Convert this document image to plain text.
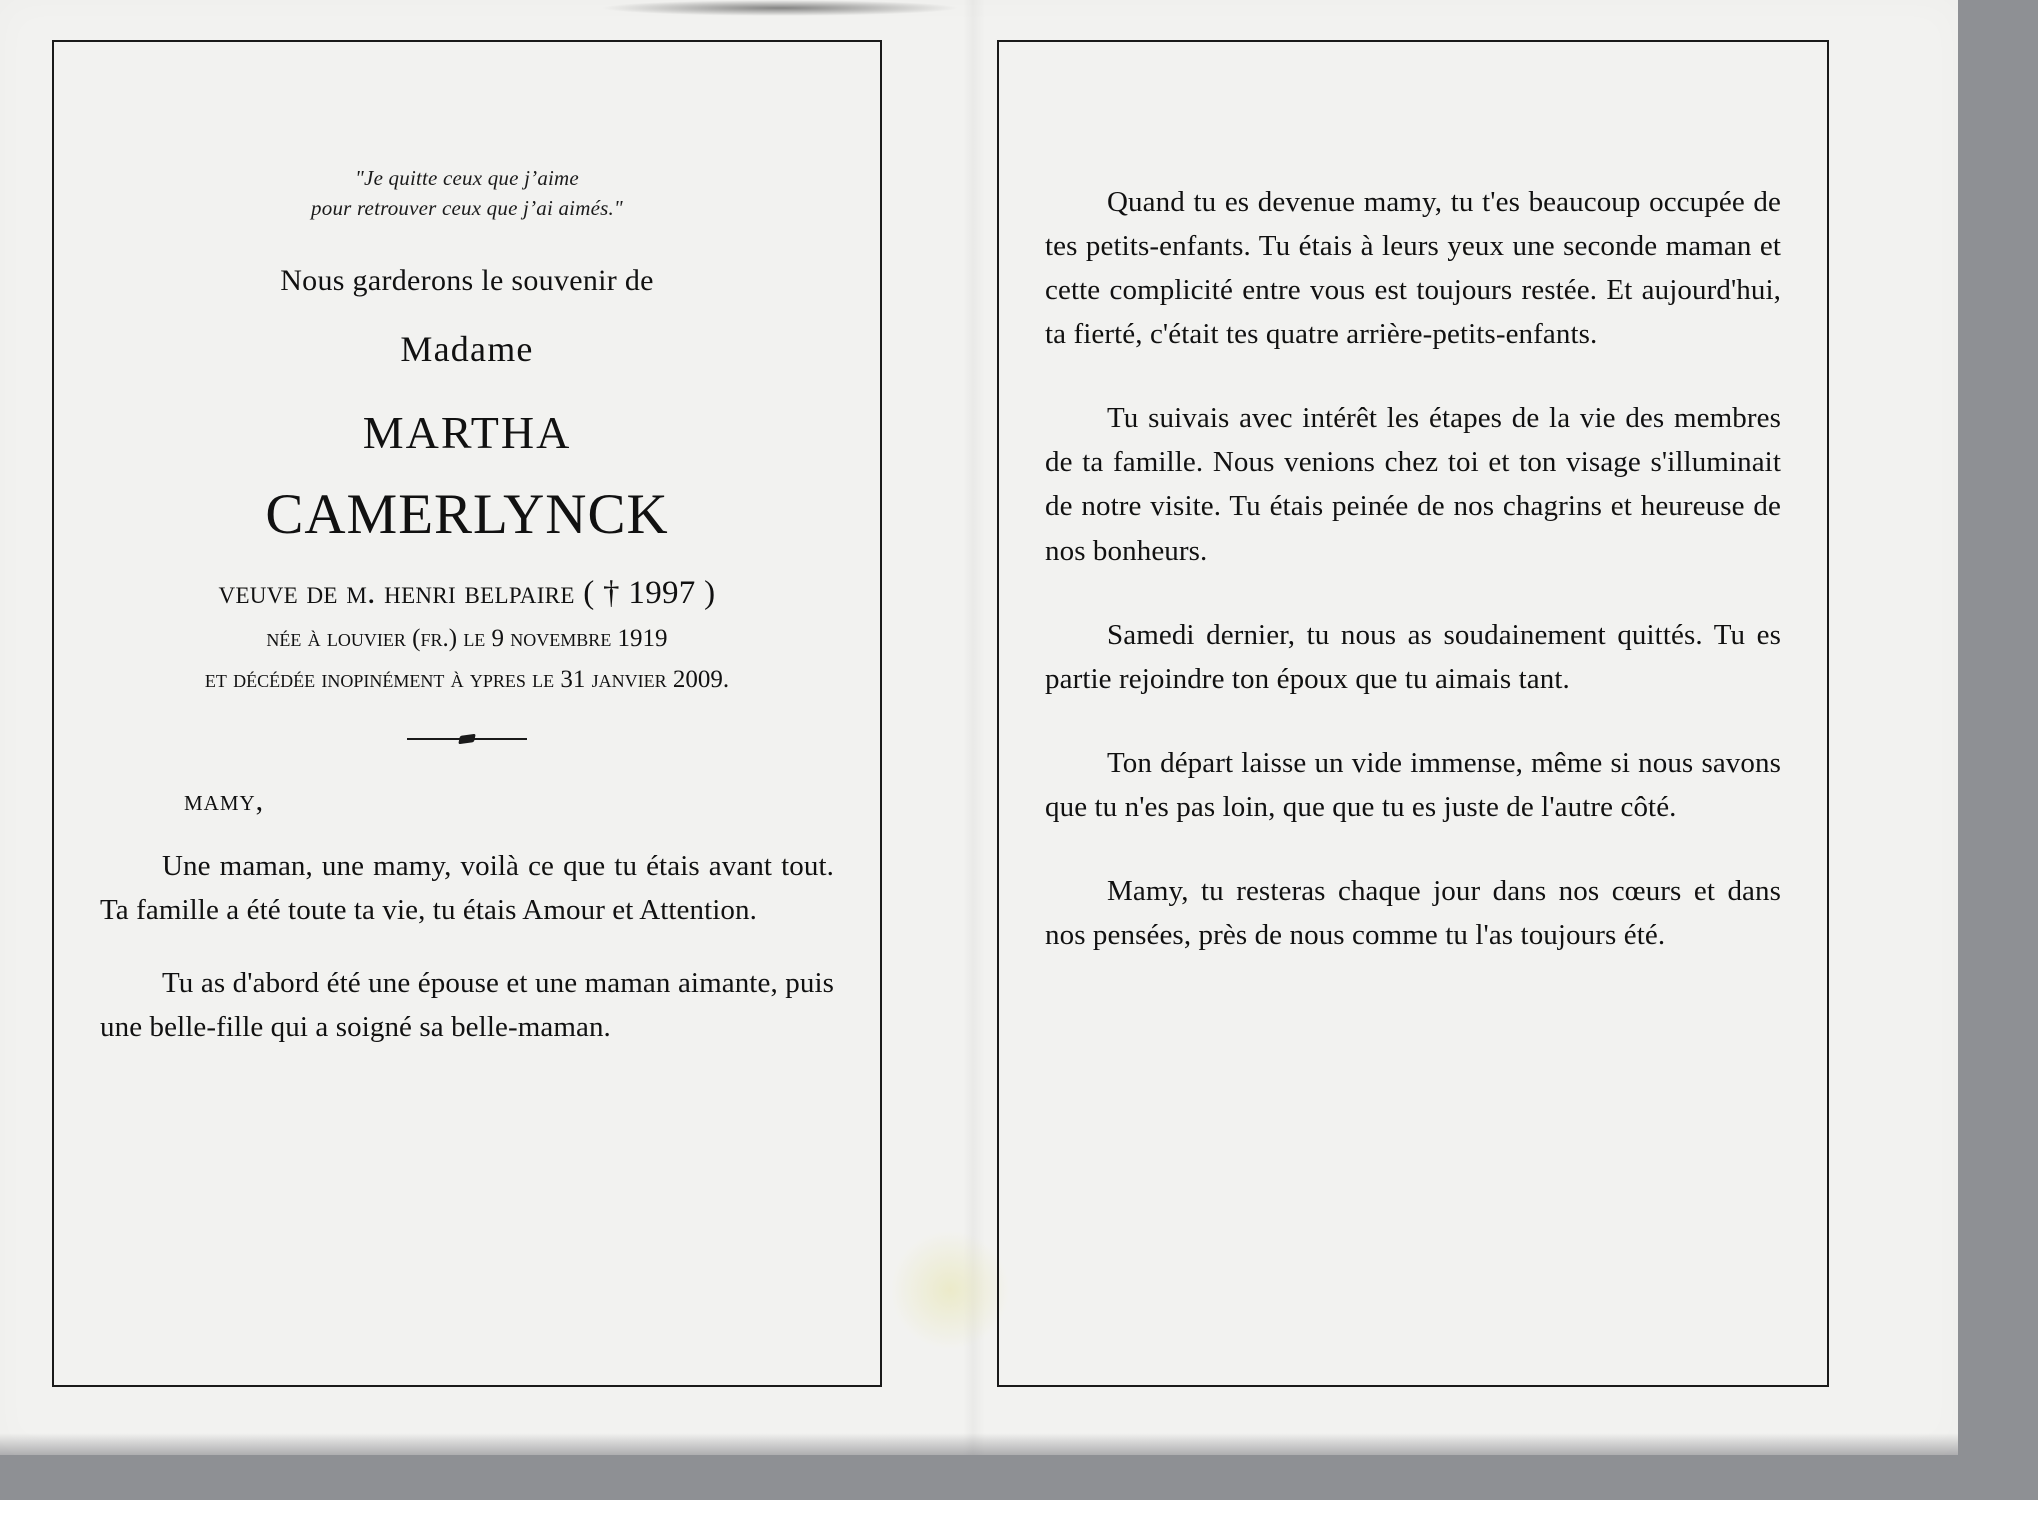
"Je quitte ceux que j’aime
pour retrouver ceux que j’ai aimés."
Nous garderons le souvenir de
Madame
martha
camerlynck
veuve de m. henri belpaire ( † 1997 )
née à louvier (fr.) le 9 novembre 1919
et décédée inopinément à ypres le 31 janvier 2009.
mamy,

Une maman, une mamy, voilà ce que tu étais avant tout. Ta famille a été toute ta vie, tu étais Amour et Attention.

Tu as d'abord été une épouse et une maman aimante, puis une belle-fille qui a soigné sa belle-maman.

Quand tu es devenue mamy, tu t'es beaucoup occupée de tes petits-enfants. Tu étais à leurs yeux une seconde maman et cette complicité entre vous est toujours restée. Et aujourd'hui, ta fierté, c'était tes quatre arrière-petits-enfants.

Tu suivais avec intérêt les étapes de la vie des membres de ta famille. Nous venions chez toi et ton visage s'illuminait de notre visite. Tu étais peinée de nos chagrins et heureuse de nos bonheurs.

Samedi dernier, tu nous as soudainement quittés. Tu es partie rejoindre ton époux que tu aimais tant.

Ton départ laisse un vide immense, même si nous savons que tu n'es pas loin, que que tu es juste de l'autre côté.

Mamy, tu resteras chaque jour dans nos cœurs et dans nos pensées, près de nous comme tu l'as toujours été.
